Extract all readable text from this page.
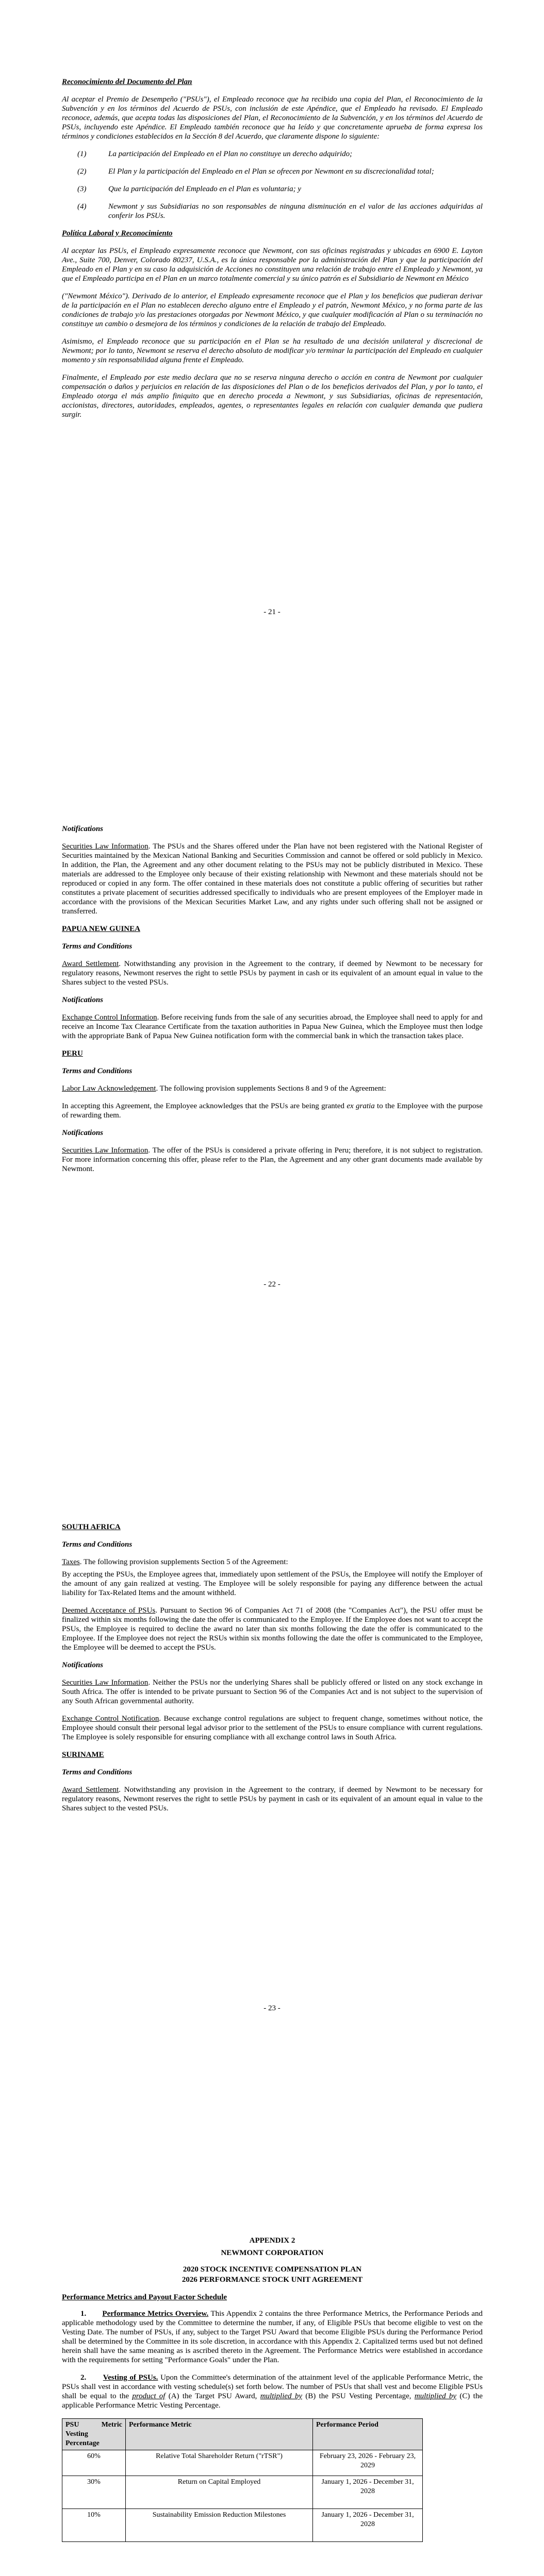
Reconocimiento del Documento del Plan

Al aceptar el Premio de Desempeño ("PSUs"), el Empleado reconoce que ha recibido una copia del Plan, el Reconocimiento de la Subvención y en los términos del Acuerdo de PSUs, con inclusión de este Apéndice, que el Empleado ha revisado. El Empleado reconoce, además, que acepta todas las disposiciones del Plan, el Reconocimiento de la Subvención, y en los términos del Acuerdo de PSUs, incluyendo este Apéndice. El Empleado también reconoce que ha leído y que concretamente aprueba de forma expresa los términos y condiciones establecidos en la Sección 8 del Acuerdo, que claramente dispone lo siguiente:

(1)	La participación del Empleado en el Plan no constituye un derecho adquirido;
(2)	El Plan y la participación del Empleado en el Plan se ofrecen por Newmont en su discrecionalidad total;
(3)	Que la participación del Empleado en el Plan es voluntaria; y
(4)	Newmont y sus Subsidiarias no son responsables de ninguna disminución en el valor de las acciones adquiridas al conferir los PSUs.

Política Laboral y Reconocimiento

Al aceptar las PSUs, el Empleado expresamente reconoce que Newmont, con sus oficinas registradas y ubicadas en 6900 E. Layton Ave., Suite 700, Denver, Colorado 80237, U.S.A., es la única responsable por la administración del Plan y que la participación del Empleado en el Plan y en su caso la adquisición de Acciones no constituyen una relación de trabajo entre el Empleado y Newmont, ya que el Empleado participa en el Plan en un marco totalmente comercial y su único patrón es el Subsidiario de Newmont en México

("Newmont México"). Derivado de lo anterior, el Empleado expresamente reconoce que el Plan y los beneficios que pudieran derivar de la participación en el Plan no establecen derecho alguno entre el Empleado y el patrón, Newmont México, y no forma parte de las condiciones de trabajo y/o las prestaciones otorgadas por Newmont México, y que cualquier modificación al Plan o su terminación no constituye un cambio o desmejora de los términos y condiciones de la relación de trabajo del Empleado.

Asimismo, el Empleado reconoce que su participación en el Plan se ha resultado de una decisión unilateral y discrecional de Newmont; por lo tanto, Newmont se reserva el derecho absoluto de modificar y/o terminar la participación del Empleado en cualquier momento y sin responsabilidad alguna frente el Empleado.

Finalmente, el Empleado por este medio declara que no se reserva ninguna derecho o acción en contra de Newmont por cualquier compensación o daños y perjuicios en relación de las disposiciones del Plan o de los beneficios derivados del Plan, y por lo tanto, el Empleado otorga el más amplio finiquito que en derecho proceda a Newmont, y sus Subsidiarias, oficinas de representación, accionistas, directores, autoridades, empleados, agentes, o representantes legales en relación con cualquier demanda que pudiera surgir.

- 21 -

Notifications

Securities Law Information. The PSUs and the Shares offered under the Plan have not been registered with the National Register of Securities maintained by the Mexican National Banking and Securities Commission and cannot be offered or sold publicly in Mexico. In addition, the Plan, the Agreement and any other document relating to the PSUs may not be publicly distributed in Mexico. These materials are addressed to the Employee only because of their existing relationship with Newmont and these materials should not be reproduced or copied in any form. The offer contained in these materials does not constitute a public offering of securities but rather constitutes a private placement of securities addressed specifically to individuals who are present employees of the Employer made in accordance with the provisions of the Mexican Securities Market Law, and any rights under such offering shall not be assigned or transferred.

PAPUA NEW GUINEA

Terms and Conditions

Award Settlement. Notwithstanding any provision in the Agreement to the contrary, if deemed by Newmont to be necessary for regulatory reasons, Newmont reserves the right to settle PSUs by payment in cash or its equivalent of an amount equal in value to the Shares subject to the vested PSUs.

Notifications

Exchange Control Information. Before receiving funds from the sale of any securities abroad, the Employee shall need to apply for and receive an Income Tax Clearance Certificate from the taxation authorities in Papua New Guinea, which the Employee must then lodge with the appropriate Bank of Papua New Guinea notification form with the commercial bank in which the transaction takes place.

PERU

Terms and Conditions

Labor Law Acknowledgement. The following provision supplements Sections 8 and 9 of the Agreement:

In accepting this Agreement, the Employee acknowledges that the PSUs are being granted ex gratia to the Employee with the purpose of rewarding them.

Notifications

Securities Law Information. The offer of the PSUs is considered a private offering in Peru; therefore, it is not subject to registration. For more information concerning this offer, please refer to the Plan, the Agreement and any other grant documents made available by Newmont.

- 22 -

SOUTH AFRICA

Terms and Conditions

Taxes. The following provision supplements Section 5 of the Agreement:

By accepting the PSUs, the Employee agrees that, immediately upon settlement of the PSUs, the Employee will notify the Employer of the amount of any gain realized at vesting. The Employee will be solely responsible for paying any difference between the actual liability for Tax-Related Items and the amount withheld.

Deemed Acceptance of PSUs. Pursuant to Section 96 of Companies Act 71 of 2008 (the "Companies Act"), the PSU offer must be finalized within six months following the date the offer is communicated to the Employee. If the Employee does not want to accept the PSUs, the Employee is required to decline the award no later than six months following the date the offer is communicated to the Employee. If the Employee does not reject the RSUs within six months following the date the offer is communicated to the Employee, the Employee will be deemed to accept the PSUs.

Notifications

Securities Law Information. Neither the PSUs nor the underlying Shares shall be publicly offered or listed on any stock exchange in South Africa. The offer is intended to be private pursuant to Section 96 of the Companies Act and is not subject to the supervision of any South African governmental authority.

Exchange Control Notification. Because exchange control regulations are subject to frequent change, sometimes without notice, the Employee should consult their personal legal advisor prior to the settlement of the PSUs to ensure compliance with current regulations. The Employee is solely responsible for ensuring compliance with all exchange control laws in South Africa.

SURINAME

Terms and Conditions

Award Settlement. Notwithstanding any provision in the Agreement to the contrary, if deemed by Newmont to be necessary for regulatory reasons, Newmont reserves the right to settle PSUs by payment in cash or its equivalent of an amount equal in value to the Shares subject to the vested PSUs.

- 23 -

APPENDIX 2

NEWMONT CORPORATION

2020 STOCK INCENTIVE COMPENSATION PLAN

2026 PERFORMANCE STOCK UNIT AGREEMENT

Performance Metrics and Payout Factor Schedule

1. Performance Metrics Overview. This Appendix 2 contains the three Performance Metrics, the Performance Periods and applicable methodology used by the Committee to determine the number, if any, of Eligible PSUs that become eligible to vest on the Vesting Date. The number of PSUs, if any, subject to the Target PSU Award that become Eligible PSUs during the Performance Period shall be determined by the Committee in its sole discretion, in accordance with this Appendix 2. Capitalized terms used but not defined herein shall have the same meaning as is ascribed thereto in the Agreement. The Performance Metrics were established in accordance with the requirements for setting "Performance Goals" under the Plan.

2. Vesting of PSUs. Upon the Committee's determination of the attainment level of the applicable Performance Metric, the PSUs shall vest in accordance with vesting schedule(s) set forth below. The number of PSUs that shall vest and become Eligible PSUs shall be equal to the product of (A) the Target PSU Award, multiplied by (B) the PSU Vesting Percentage, multiplied by (C) the applicable Performance Metric Vesting Percentage.

PSU Metric Vesting Percentage	Performance Metric	Performance Period
60%	Relative Total Shareholder Return ("rTSR")	February 23, 2026 - February 23, 2029
30%	Return on Capital Employed	January 1, 2026 - December 31, 2028
10%	Sustainability Emission Reduction Milestones	January 1, 2026 - December 31, 2028
